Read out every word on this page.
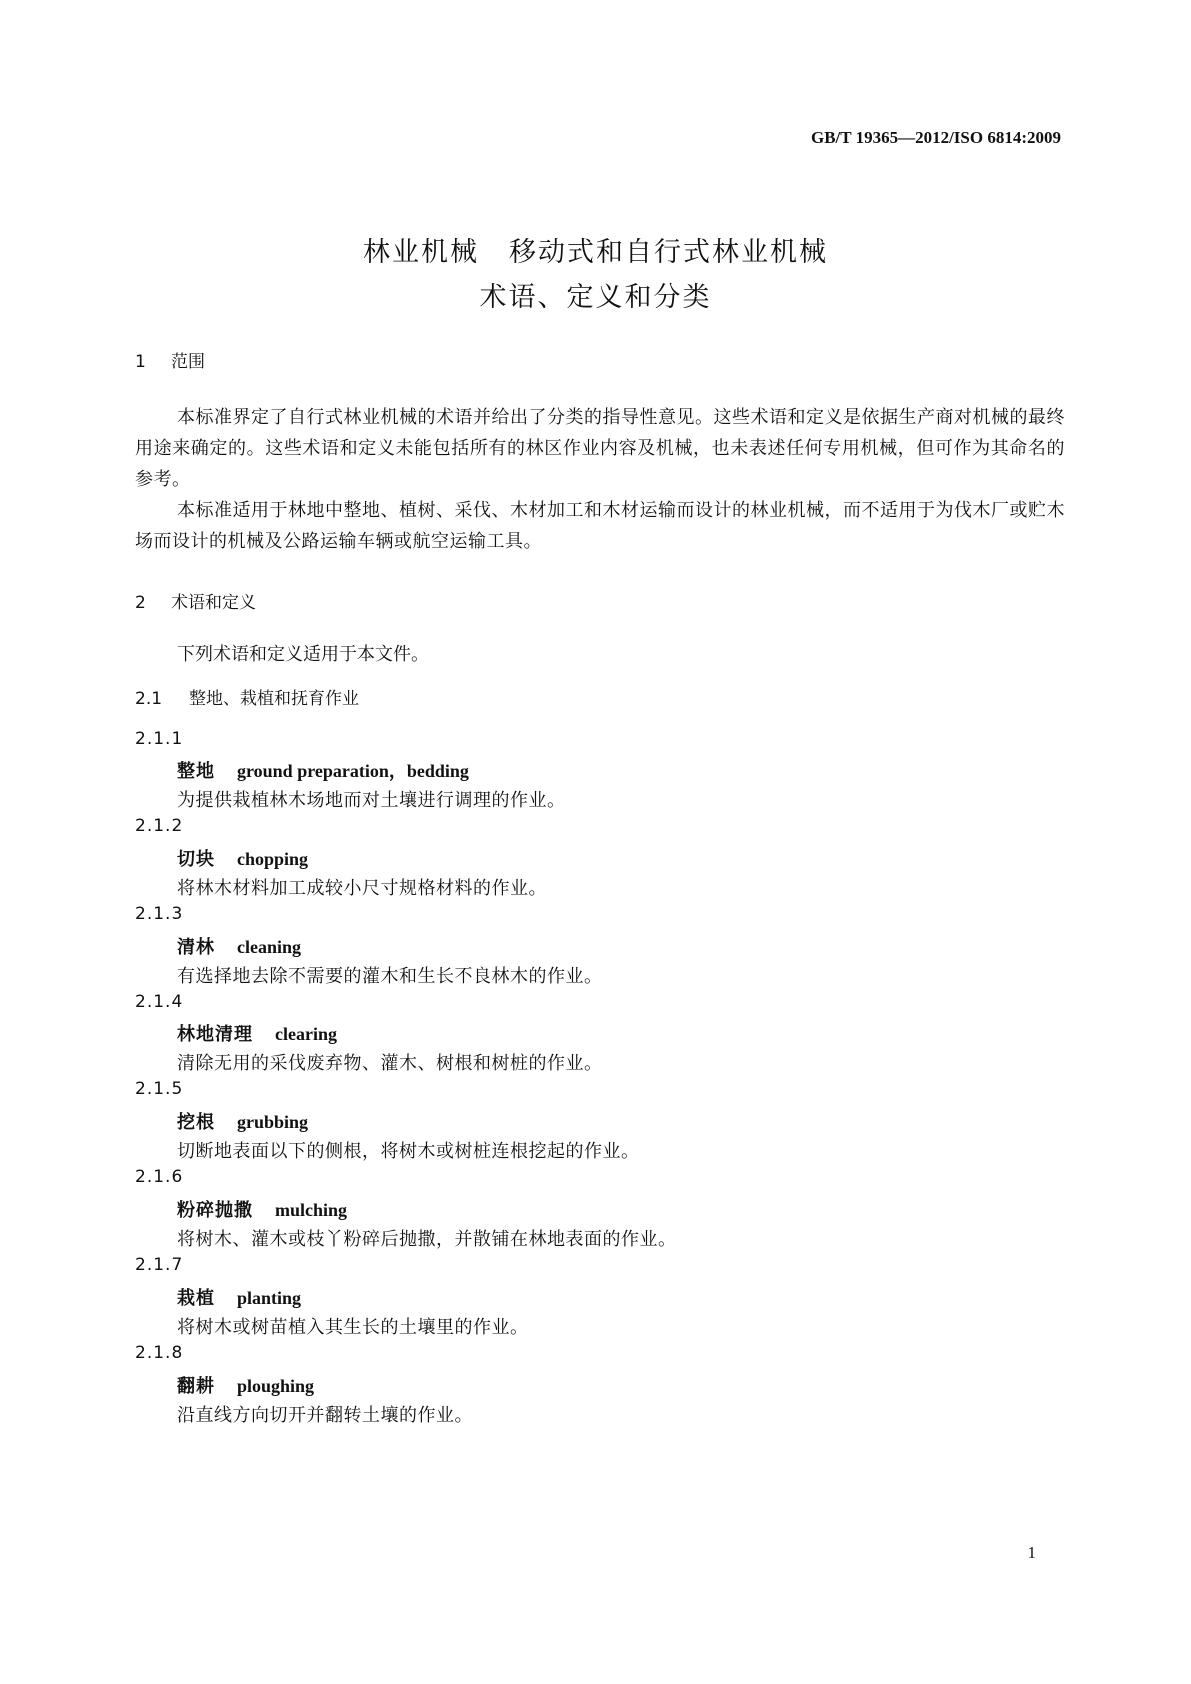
GB/T 19365—2012/ISO 6814:2009
林业机械 移动式和自行式林业机械
术语、定义和分类
1 范围
本标准界定了自行式林业机械的术语并给出了分类的指导性意见。这些术语和定义是依据生产商对机械的最终用途来确定的。这些术语和定义未能包括所有的林区作业内容及机械，也未表述任何专用机械，但可作为其命名的参考。
本标准适用于林地中整地、植树、采伐、木材加工和木材运输而设计的林业机械，而不适用于为伐木厂或贮木场而设计的机械及公路运输车辆或航空运输工具。
2 术语和定义
下列术语和定义适用于本文件。
2.1 整地、栽植和抚育作业
2.1.1
整地 ground preparation，bedding
为提供栽植林木场地而对土壤进行调理的作业。
2.1.2
切块 chopping
将林木材料加工成较小尺寸规格材料的作业。
2.1.3
清林 cleaning
有选择地去除不需要的灌木和生长不良林木的作业。
2.1.4
林地清理 clearing
清除无用的采伐废弃物、灌木、树根和树桩的作业。
2.1.5
挖根 grubbing
切断地表面以下的侧根，将树木或树桩连根挖起的作业。
2.1.6
粉碎抛撒 mulching
将树木、灌木或枝丫粉碎后抛撒，并散铺在林地表面的作业。
2.1.7
栽植 planting
将树木或树苗植入其生长的土壤里的作业。
2.1.8
翻耕 ploughing
沿直线方向切开并翻转土壤的作业。
1
